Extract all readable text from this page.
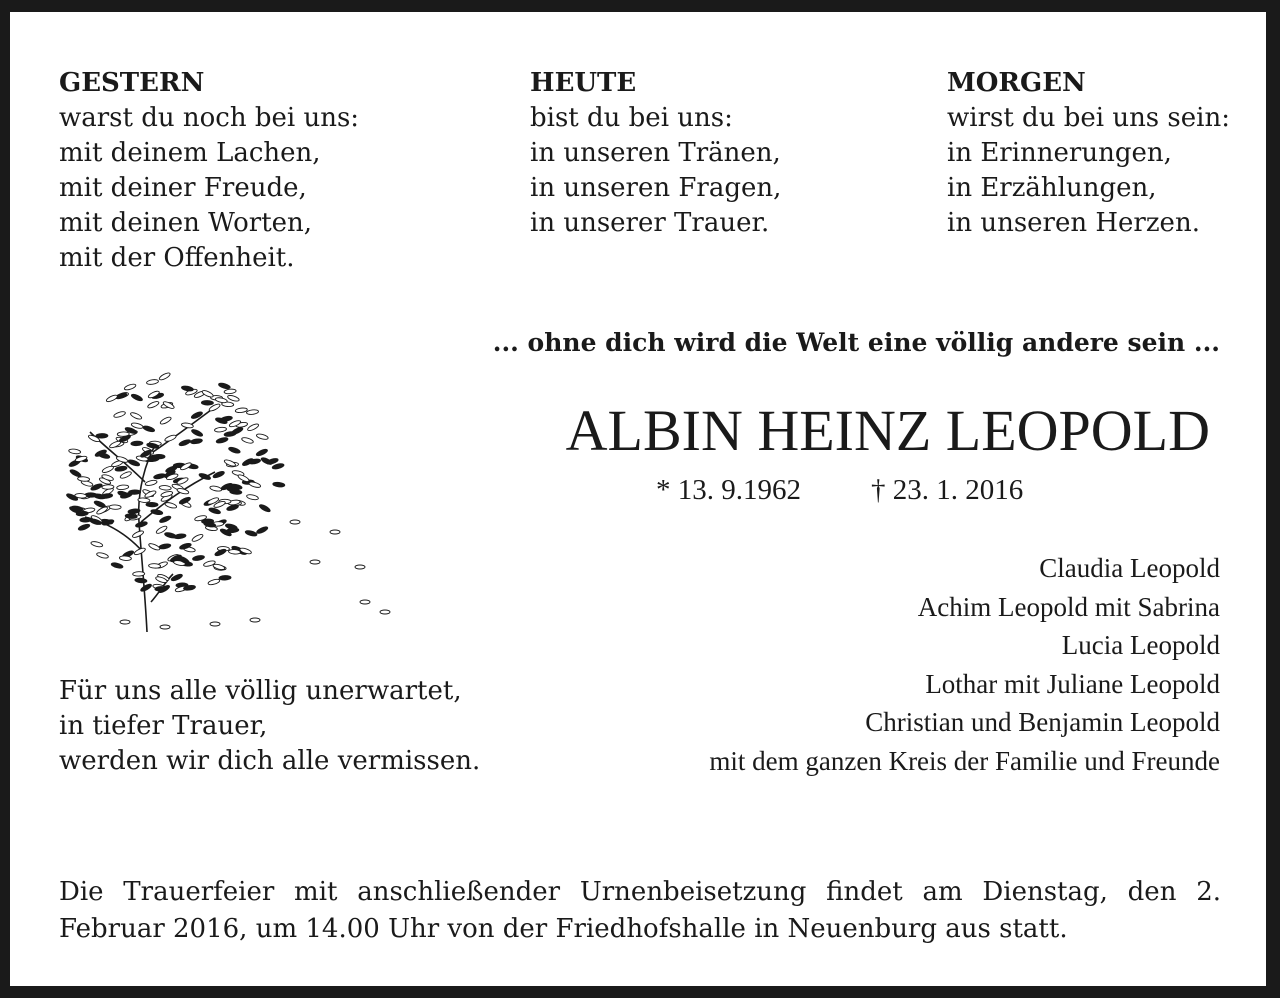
GESTERN
warst du noch bei uns:
mit deinem Lachen,
mit deiner Freude,
mit deinen Worten,
mit der Offenheit.
HEUTE
bist du bei uns:
in unseren Tränen,
in unseren Fragen,
in unserer Trauer.
MORGEN
wirst du bei uns sein:
in Erinnerungen,
in Erzählungen,
in unseren Herzen.
... ohne dich wird die Welt eine völlig andere sein ...
ALBIN HEINZ LEOPOLD
* 13. 9.1962 † 23. 1. 2016
Claudia Leopold
Achim Leopold mit Sabrina
Lucia Leopold
Lothar mit Juliane Leopold
Christian und Benjamin Leopold
mit dem ganzen Kreis der Familie und Freunde
Für uns alle völlig unerwartet,
in tiefer Trauer,
werden wir dich alle vermissen.
Die Trauerfeier mit anschließender Urnenbeisetzung findet am Dienstag, den 2. Februar 2016, um 14.00 Uhr von der Friedhofshalle in Neuenburg aus statt.
